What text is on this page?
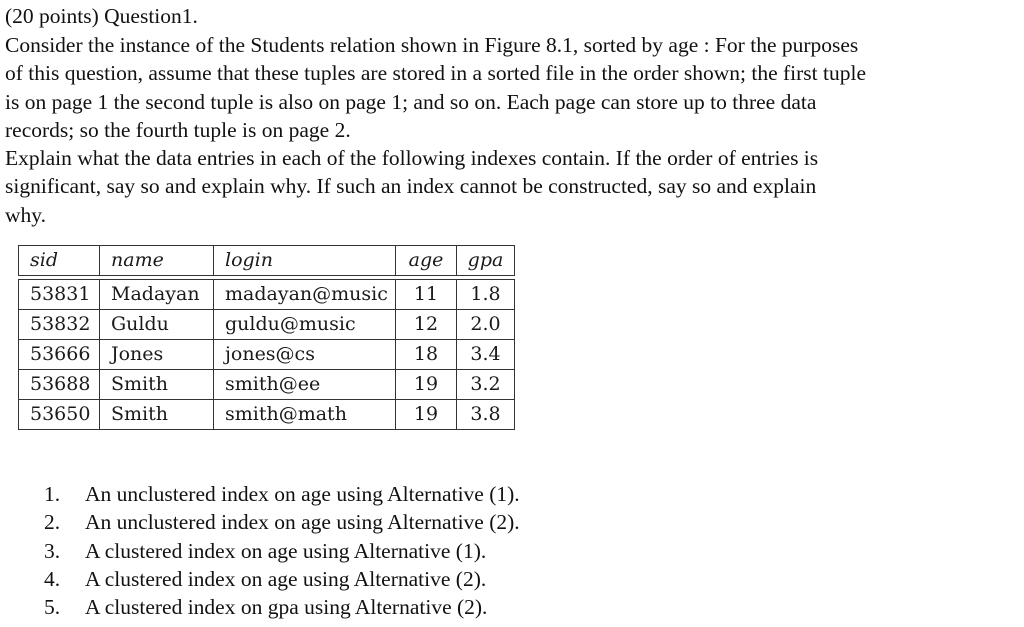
(20 points) Question1.
Consider the instance of the Students relation shown in Figure 8.1, sorted by age : For the purposes
of this question, assume that these tuples are stored in a sorted file in the order shown; the first tuple
is on page 1 the second tuple is also on page 1; and so on. Each page can store up to three data
records; so the fourth tuple is on page 2.
Explain what the data entries in each of the following indexes contain. If the order of entries is
significant, say so and explain why. If such an index cannot be constructed, say so and explain
why.
sid	name	login	age	gpa
53831	Madayan	madayan@music	11	1.8
53832	Guldu	guldu@music	12	2.0
53666	Jones	jones@cs	18	3.4
53688	Smith	smith@ee	19	3.2
53650	Smith	smith@math	19	3.8
1.	An unclustered index on age using Alternative (1).
2.	An unclustered index on age using Alternative (2).
3.	A clustered index on age using Alternative (1).
4.	A clustered index on age using Alternative (2).
5.	A clustered index on gpa using Alternative (2).
